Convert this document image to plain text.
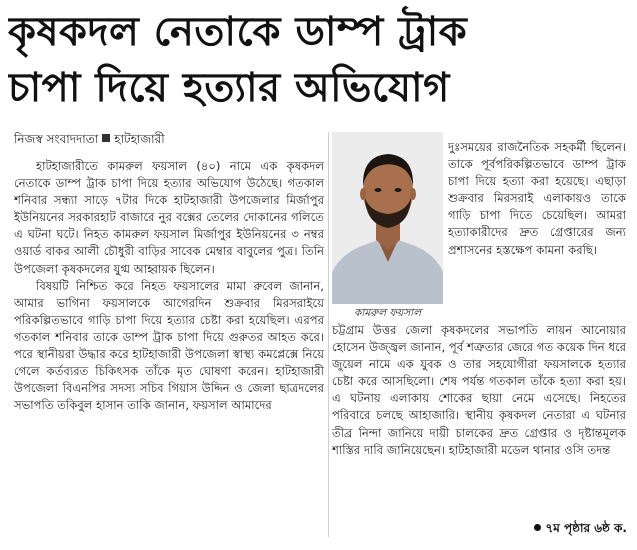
কৃষকদল নেতাকে ডাম্প ট্রাক
চাপা দিয়ে হত্যার অভিযোগ
নিজস্ব সংবাদদাতা হাটহাজারী

হাটহাজারীতে কামরুল ফয়সাল (৪০) নামে এক কৃষকদল নেতাকে ডাম্প ট্রাক চাপা দিয়ে হত্যার অভিযোগ উঠেছে। গতকাল শনিবার সন্ধ্যা সাড়ে ৭টার দিকে হাটহাজারী উপজেলার মির্জাপুর ইউনিয়নের সরকারহাট বাজারে নুর বক্সের তেলের দোকানের গলিতে এ ঘটনা ঘটে। নিহত কামরুল ফয়সাল মির্জাপুর ইউনিয়নের ৩ নম্বর ওয়ার্ড বাকর আলী চৌধুরী বাড়ির সাবেক মেম্বার বাবুলের পুত্র। তিনি উপজেলা কৃষকদলের যুগ্ম আহ্বায়ক ছিলেন।

বিষয়টি নিশ্চিত করে নিহত ফয়সালের মামা রুবেল জানান, আমার ভাগিনা ফয়সালকে আগেরদিন শুক্রবার মিরসরাইয়ে পরিকল্পিতভাবে গাড়ি চাপা দিয়ে হত্যার চেষ্টা করা হয়েছিল। এরপর গতকাল শনিবার তাকে ডাম্প ট্রাক চাপা দিয়ে গুরুতর আহত করে। পরে স্থানীয়রা উদ্ধার করে হাটহাজারী উপজেলা স্বাস্থ্য কমপ্লেক্সে নিয়ে গেলে কর্তব্যরত চিকিৎসক তাঁকে মৃত ঘোষণা করেন। হাটহাজারী উপজেলা বিএনপির সদস্য সচিব গিয়াস উদ্দিন ও জেলা ছাত্রদলের সভাপতি তকিবুল হাসান তাকি জানান, ফয়সাল আমাদের

কামরুল ফয়সাল

দুঃসময়ের রাজনৈতিক সহকর্মী ছিলেন। তাকে পূর্বপরিকল্পিতভাবে ডাম্প ট্রাক চাপা দিয়ে হত্যা করা হয়েছে। এছাড়া শুক্রবার মিরসরাই এলাকায়ও তাকে গাড়ি চাপা দিতে চেয়েছিল। আমরা হত্যাকারীদের দ্রুত গ্রেপ্তারের জন্য প্রশাসনের হস্তক্ষেপ কামনা করছি।

চট্টগ্রাম উত্তর জেলা কৃষকদলের সভাপতি লায়ন আনোয়ার হোসেন উজ্জ্বল জানান, পূর্ব শত্রুতার জেরে গত কয়েক দিন ধরে জুয়েল নামে এক যুবক ও তার সহযোগীরা ফয়সালকে হত্যার চেষ্টা করে আসছিলো। শেষ পর্যন্ত গতকাল তাঁকে হত্যা করা হয়। এ ঘটনায় এলাকায় শোকের ছায়া নেমে এসেছে। নিহতের পরিবারে চলছে আহাজারি। স্থানীয় কৃষকদল নেতারা এ ঘটনার তীব্র নিন্দা জানিয়ে দায়ী চালকের দ্রুত গ্রেপ্তার ও দৃষ্টান্তমূলক শাস্তির দাবি জানিয়েছেন। হাটহাজারী মডেল থানার ওসি তদন্ত

৭ম পৃষ্ঠার ৬ষ্ঠ ক.
